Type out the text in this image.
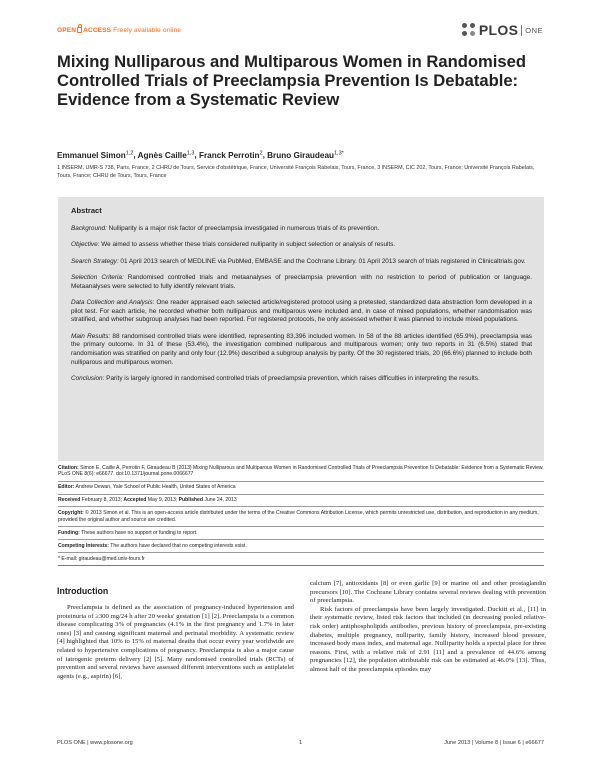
OPEN ACCESS Freely available online	PLOS ONE
Mixing Nulliparous and Multiparous Women in Randomised Controlled Trials of Preeclampsia Prevention Is Debatable: Evidence from a Systematic Review
Emmanuel Simon$^{1,2}$, Agnès Caille$^{1,3}$, Franck Perrotin$^2$, Bruno Giraudeau$^{1,3*}$
1 INSERM, UMR-S 738, Paris, France, 2 CHRU de Tours, Service d'obstétrique, France, Université François Rabelais, Tours, France, 3 INSERM, CIC 202, Tours, France; Université François Rabelais, Tours, France; CHRU de Tours, Tours, France
Abstract

Background: Nulliparity is a major risk factor of preeclampsia investigated in numerous trials of its prevention.

Objective: We aimed to assess whether these trials considered nulliparity in subject selection or analysis of results.

Search Strategy: 01 April 2013 search of MEDLINE via PubMed, EMBASE and the Cochrane Library. 01 April 2013 search of trials registered in Clinicaltrials.gov.

Selection Criteria: Randomised controlled trials and metaanalyses of preeclampsia prevention with no restriction to period of publication or language. Metaanalyses were selected to fully identify relevant trials.

Data Collection and Analysis: One reader appraised each selected article/registered protocol using a pretested, standardized data abstraction form developed in a pilot test. For each article, he recorded whether both nulliparous and multiparous were included and, in case of mixed populations, whether randomisation was stratified, and whether subgroup analyses had been reported. For registered protocols, he only assessed whether it was planned to include mixed populations.

Main Results: 88 randomised controlled trials were identified, representing 83,396 included women. In 58 of the 88 articles identified (65.9%), preeclampsia was the primary outcome. In 31 of these (53.4%), the investigation combined nulliparous and multiparous women; only two reports in 31 (6.5%) stated that randomisation was stratified on parity and only four (12.9%) described a subgroup analysis by parity. Of the 30 registered trials, 20 (66.6%) planned to include both nulliparous and multiparous women.

Conclusion: Parity is largely ignored in randomised controlled trials of preeclampsia prevention, which raises difficulties in interpreting the results.

Citation: Simon E, Caille A, Perrotin F, Giraudeau B (2013) Mixing Nulliparous and Multiparous Women in Randomised Controlled Trials of Preeclampsia Prevention Is Debatable: Evidence from a Systematic Review. PLoS ONE 8(6): e66677. doi:10.1371/journal.pone.0066677
Editor: Andrew Dewan, Yale School of Public Health, United States of America
Received February 8, 2013; Accepted May 9, 2013; Published June 24, 2013
Copyright: © 2013 Simon et al. This is an open-access article distributed under the terms of the Creative Commons Attribution License, which permits unrestricted use, distribution, and reproduction in any medium, provided the original author and source are credited.
Funding: These authors have no support or funding to report.
Competing Interests: The authors have declared that no competing interests exist.
* E-mail: giraudeau@med.univ-tours.fr
Introduction

Preeclampsia is defined as the association of pregnancy-induced hypertension and proteinuria of ≥300 mg/24 h after 20 weeks' gestation [1] [2]. Preeclampsia is a common disease complicating 3% of pregnancies (4.1% in the first pregnancy and 1.7% in later ones) [3] and causing significant maternal and perinatal morbidity. A systematic review [4] highlighted that 10% to 15% of maternal deaths that occur every year worldwide are related to hypertensive complications of pregnancy. Preeclampsia is also a major cause of iatrogenic preterm delivery [2] [5]. Many randomised controlled trials (RCTs) of prevention and several reviews have assessed different interventions such as antiplatelet agents (e.g., aspirin) [6],

calcium [7], antioxidants [8] or even garlic [9] or marine oil and other prostaglandin precursors [10]. The Cochrane Library contains several reviews dealing with prevention of preeclampsia.

Risk factors of preeclampsia have been largely investigated. Duckitt et al., [11] in their systematic review, listed risk factors that included (in decreasing pooled relative-risk order) antiphospholipids antibodies, previous history of preeclampsia, pre-existing diabetes, multiple pregnancy, nulliparity, family history, increased blood pressure, increased body mass index, and maternal age. Nulliparity holds a special place for three reasons. First, with a relative risk of 2.91 [11] and a prevalence of 44.6% among pregnancies [12], the population attributable risk can be estimated at 46.0% [13]. Thus, almost half of the preeclampsia episodes may

PLOS ONE | www.plosone.org	1	June 2013 | Volume 8 | Issue 6 | e66677
